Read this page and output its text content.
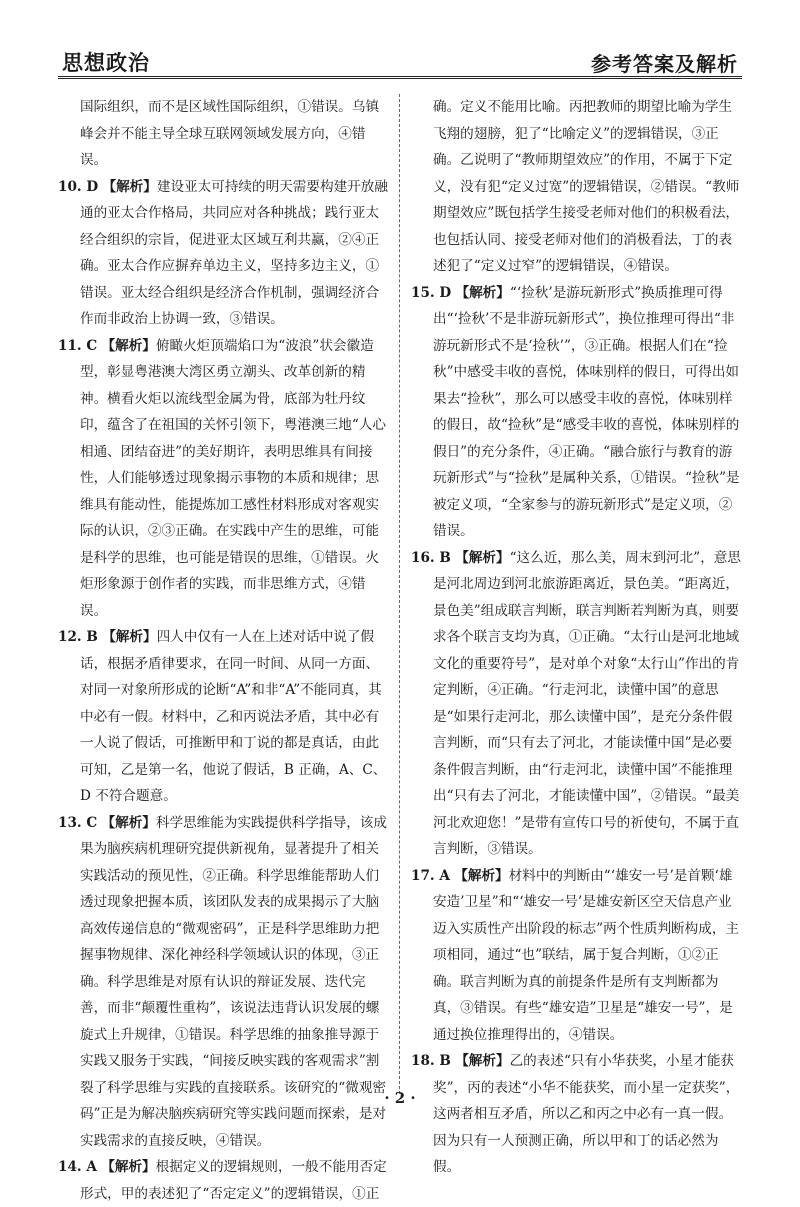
思想政治	参考答案及解析
国际组织，而不是区域性国际组织，①错误。乌镇峰会并不能主导全球互联网领域发展方向，④错误。
10. D 【解析】建设亚太可持续的明天需要构建开放融通的亚太合作格局，共同应对各种挑战；践行亚太经合组织的宗旨，促进亚太区域互利共赢，②④正确。亚太合作应摒弃单边主义，坚持多边主义，①错误。亚太经合组织是经济合作机制，强调经济合作而非政治上协调一致，③错误。
11. C 【解析】俯瞰火炬顶端焰口为“波浪”状会徽造型，彰显粤港澳大湾区勇立潮头、改革创新的精神。横看火炬以流线型金属为骨，底部为牡丹纹印，蕴含了在祖国的关怀引领下，粤港澳三地“人心相通、团结奋进”的美好期许，表明思维具有间接性，人们能够透过现象揭示事物的本质和规律；思维具有能动性，能提炼加工感性材料形成对客观实际的认识，②③正确。在实践中产生的思维，可能是科学的思维，也可能是错误的思维，①错误。火炬形象源于创作者的实践，而非思维方式，④错误。
12. B 【解析】四人中仅有一人在上述对话中说了假话，根据矛盾律要求，在同一时间、从同一方面、对同一对象所形成的论断“A”和非“A”不能同真，其中必有一假。材料中，乙和丙说法矛盾，其中必有一人说了假话，可推断甲和丁说的都是真话，由此可知，乙是第一名，他说了假话，B 正确，A、C、D 不符合题意。
13. C 【解析】科学思维能为实践提供科学指导，该成果为脑疾病机理研究提供新视角，显著提升了相关实践活动的预见性，②正确。科学思维能帮助人们透过现象把握本质，该团队发表的成果揭示了大脑高效传递信息的“微观密码”，正是科学思维助力把握事物规律、深化神经科学领域认识的体现，③正确。科学思维是对原有认识的辩证发展、迭代完善，而非“颠覆性重构”，该说法违背认识发展的螺旋式上升规律，①错误。科学思维的抽象推导源于实践又服务于实践，“间接反映实践的客观需求”割裂了科学思维与实践的直接联系。该研究的“微观密码”正是为解决脑疾病研究等实践问题而探索，是对实践需求的直接反映，④错误。
14. A 【解析】根据定义的逻辑规则，一般不能用否定形式，甲的表述犯了“否定定义”的逻辑错误，①正
确。定义不能用比喻。丙把教师的期望比喻为学生飞翔的翅膀，犯了“比喻定义”的逻辑错误，③正确。乙说明了“教师期望效应”的作用，不属于下定义，没有犯“定义过宽”的逻辑错误，②错误。“教师期望效应”既包括学生接受老师对他们的积极看法，也包括认同、接受老师对他们的消极看法，丁的表述犯了“定义过窄”的逻辑错误，④错误。
15. D 【解析】“‘捡秋’是游玩新形式”换质推理可得出“‘捡秋’不是非游玩新形式”，换位推理可得出“非游玩新形式不是‘捡秋’”，③正确。根据人们在“捡秋”中感受丰收的喜悦，体味别样的假日，可得出如果去“捡秋”，那么可以感受丰收的喜悦，体味别样的假日，故“捡秋”是“感受丰收的喜悦，体味别样的假日”的充分条件，④正确。“融合旅行与教育的游玩新形式”与“捡秋”是属种关系，①错误。“捡秋”是被定义项，“全家参与的游玩新形式”是定义项，②错误。
16. B 【解析】“这么近，那么美，周末到河北”，意思是河北周边到河北旅游距离近，景色美。“距离近，景色美”组成联言判断，联言判断若判断为真，则要求各个联言支均为真，①正确。“太行山是河北地域文化的重要符号”，是对单个对象“太行山”作出的肯定判断，④正确。“行走河北，读懂中国”的意思是“如果行走河北，那么读懂中国”，是充分条件假言判断，而“只有去了河北，才能读懂中国”是必要条件假言判断，由“行走河北，读懂中国”不能推理出“只有去了河北，才能读懂中国”，②错误。“最美河北欢迎您！”是带有宣传口号的祈使句，不属于直言判断，③错误。
17. A 【解析】材料中的判断由“‘雄安一号’是首颗‘雄安造’卫星”和“‘雄安一号’是雄安新区空天信息产业迈入实质性产出阶段的标志”两个性质判断构成，主项相同，通过“也”联结，属于复合判断，①②正确。联言判断为真的前提条件是所有支判断都为真，③错误。有些“雄安造”卫星是“雄安一号”，是通过换位推理得出的，④错误。
18. B 【解析】乙的表述“只有小华获奖，小星才能获奖”，丙的表述“小华不能获奖，而小星一定获奖”，这两者相互矛盾，所以乙和丙之中必有一真一假。因为只有一人预测正确，所以甲和丁的话必然为假。
· 2 ·
